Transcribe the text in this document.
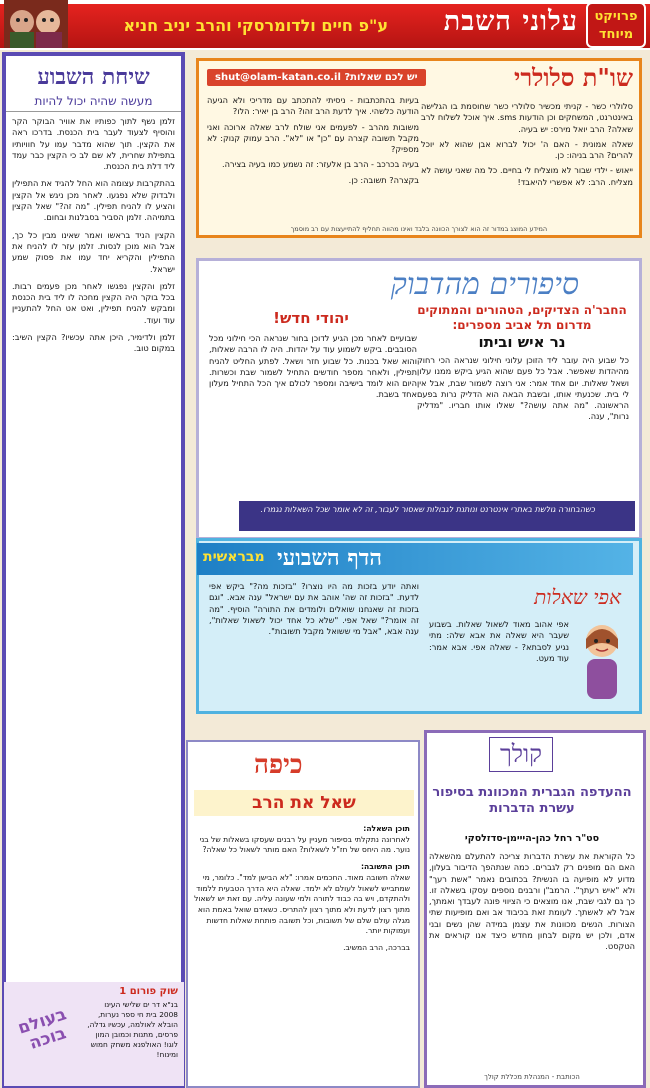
פרויקט מיוחד
עלוני השבת
ע"פ חיים ולדומרסקי והרב יניב חניא
שיחת השבוע
מעשה שהיה יכול להיות

זלמן נשף לתוך כפותיו את אוויר הבוקר הקר והוסיף לצעוד לעבר בית הכנסת. בדרכו ראה את הקצין. תוך שהוא מדבר עמו על חוויותיו בתפילת שחרית, לא שם לב כי הקצין כבר עמד ליד דלת בית הכנסת.

בהתקרבות עצומה הוא החל להגיד את התפילין ולבדוק שלא נפגעו. לאחר מכן ניגש אל הקצין והציע לו להניח תפילין. "מה זה?" שאל הקצין בתמיהה. זלמן הסביר בסבלנות ובחום.

הקצין הניד בראשו ואמר שאינו מבין כל כך, אבל הוא מוכן לנסות. זלמן עזר לו להניח את התפילין והקריא יחד עמו את פסוק שמע ישראל.

זלמן והקצין נפגשו לאחר מכן פעמים רבות. בכל בוקר היה הקצין מחכה לו ליד בית הכנסת ומבקש להניח תפילין, ואט אט החל להתעניין עוד ועוד.

זלמן ולדימיר, היכן אתה עכשיו? הקצין השיב: במקום טוב.

שוק פורום 1
בנ"א דר ים שלישי העינו 2008 בית חי ספר נערות, הובלא לאולמה, עכשיו גדלה, פרסים, מתנות וכמובן המון לוגו! האולפנא משחק חמוש ומינוח!
בעולם בוכה
שו"ת סלולרי
יש לכם שאלות? shut@olam-katan.co.il

סלולרי כשר - קניתי מכשיר סלולרי כשר שחוסמת בו הגלישה באינטרנט, המשחקים וכן הודעות sms. איך אוכל לשלוח לרב שאלה? הרב יואל מירס: יש בעיה.

שאלה אמונית - האם ה' יכול לברוא אבן שהוא לא יוכל להרים? הרב בניהו: כן.

ייאוש - ילדי שבור לא מוצליח לי בחיים. כל מה שאני עושה לא מצליח. הרב: לא אפשרי להיאבד!

בעיות בהתכתבות - ניסיתי להתכתב עם מדריכי ולא הגיעה הודעה כלשהי. איך לדעת הרב זהו? הרב בן יאיר: הלו?

משובות מהרב - לפעמים אני שולח לרב שאלה ארוכה ואני מקבל תשובה קצרה עם "כן" או "לא". הרב עמוק קנוק: לא מספיק?

בעיה בכרכב - הרב בן אלעזר: זה נשמע כמו בעיה בצירה.

בקצרה? תשובה: כן.

המידע המוצג במדור זה הוא לצורך הכוונה בלבד ואינו מהווה תחליף להתייעצות עם רב מוסמך
סיפורים מהדבוק
החבר'ה הצדיקים, הטהורים והמתוקים מדרום תל אביב מספרים:
נר איש וביתו

כל שבוע היה עובר ליד הזוכן עלוני חילוני שנראה הכי רחוק מהיהדות שאפשר. אבל כל פעם שהוא הגיע ביקש ממנו עלון ושאל שאלות. יום אחד אמר: אני רוצה לשמור שבת, אבל אין לי בית. שכנעתי אותו, ובשבת הבאה הוא הדליק נרות בפעם הראשונה. "מה אתה עושה?" שאלו אותו חבריו. "מדליק נרות", ענה.

יהודי חדש!

שבועיים לאחר מכן הגיע לדוכן בחור שנראה הכי חילוני מכל הסובבים. ביקש לשמוע עוד על יהדות. היה לו הרבה שאלות, והוא שאל בכנות. כל שבוע חזר ושאל. לפתע החליט להניח תפילין, ולאחר מספר חודשים התחיל לשמור שבת וכשרות. היום הוא לומד בישיבה ומספר לכולם איך הכל התחיל מעלון אחד בשבת.

כשהבחורה גולשת באתרי אינטרנט ונותנת לגבולות שאסור לעבור, זה לא אומר שכל השאלות נגמרו.
הדף השבועי
מבראשית
אפי שאלות

אפי אהוב מאוד לשאול שאלות. בשבוע שעבר היא שאלה את אבא שלה: מתי נגיע לסבתא? - שאלה אפי. אבא אמר: עוד מעט.

ואתה יודע בזכות מה היו נוצרו? "בזכות מה?" ביקש אפי לדעת. "בזכות זה שה' אוהב את עם ישראל" ענה אבא. "וגם בזכות זה שאנחנו שואלים ולומדים את התורה" הוסיף. "מה זה אומר?" שאל אפי. "שלא כל אחד יכול לשאול שאלות", ענה אבא, "אבל מי ששואל מקבל תשובות".

כיפה
שאל את הרב
תוכן השאלה:

לאחרונה נתקלתי בסיפור מעניין על רבנים שעסקו בשאלות של בני נוער. מה היחס של חז"ל לשאלות? האם מותר לשאול כל שאלה?

תוכן התשובה:

שאלה חשובה מאוד. החכמים אמרו: "לא הבישן למד". כלומר, מי שמתבייש לשאול לעולם לא ילמד. שאלה היא הדרך הטבעית ללמוד ולהתקדם, ויש בה כבוד לתורה ולמי שעונה עליה. עם זאת יש לשאול מתוך רצון לדעת ולא מתוך רצון להתריס. כשאדם שואל באמת הוא מגלה עולם שלם של תשובות, וכל תשובה פותחת שאלות חדשות ועמוקות יותר.

בברכה, הרב המשיב.

קולך
ההעדפה הגברית המכוונת בסיפור עשרת הדברות
סט"ר רחל כהן-הייימן-סדזלסקי

כל הקוראת את עשרת הדברות צריכה להתעלם מהשאלה האם הם מופנים רק לגברים. כמה שנתהפך הדיבור בעלון, מדוע לא מופיעה בו הנשית? בכתובים נאמר "אשת רעך" ולא "איש רעתך". הרמב"ן ורבנים נוספים עסקו בשאלה זו. כך גם לגבי שבת, אנו מוצאים כי הציווי פונה לעבדך ואמתך, אבל לא לאשתך. לעומת זאת בכיבוד אב ואם מופיעות שתי הצורות. הנשים מכוונות את עצמן במידה שהן נשים ובני אדם, ולכן יש מקום לבחון מחדש כיצד אנו קוראים את הטקסט.

הכותבת - המנהלת מכללת קולך
